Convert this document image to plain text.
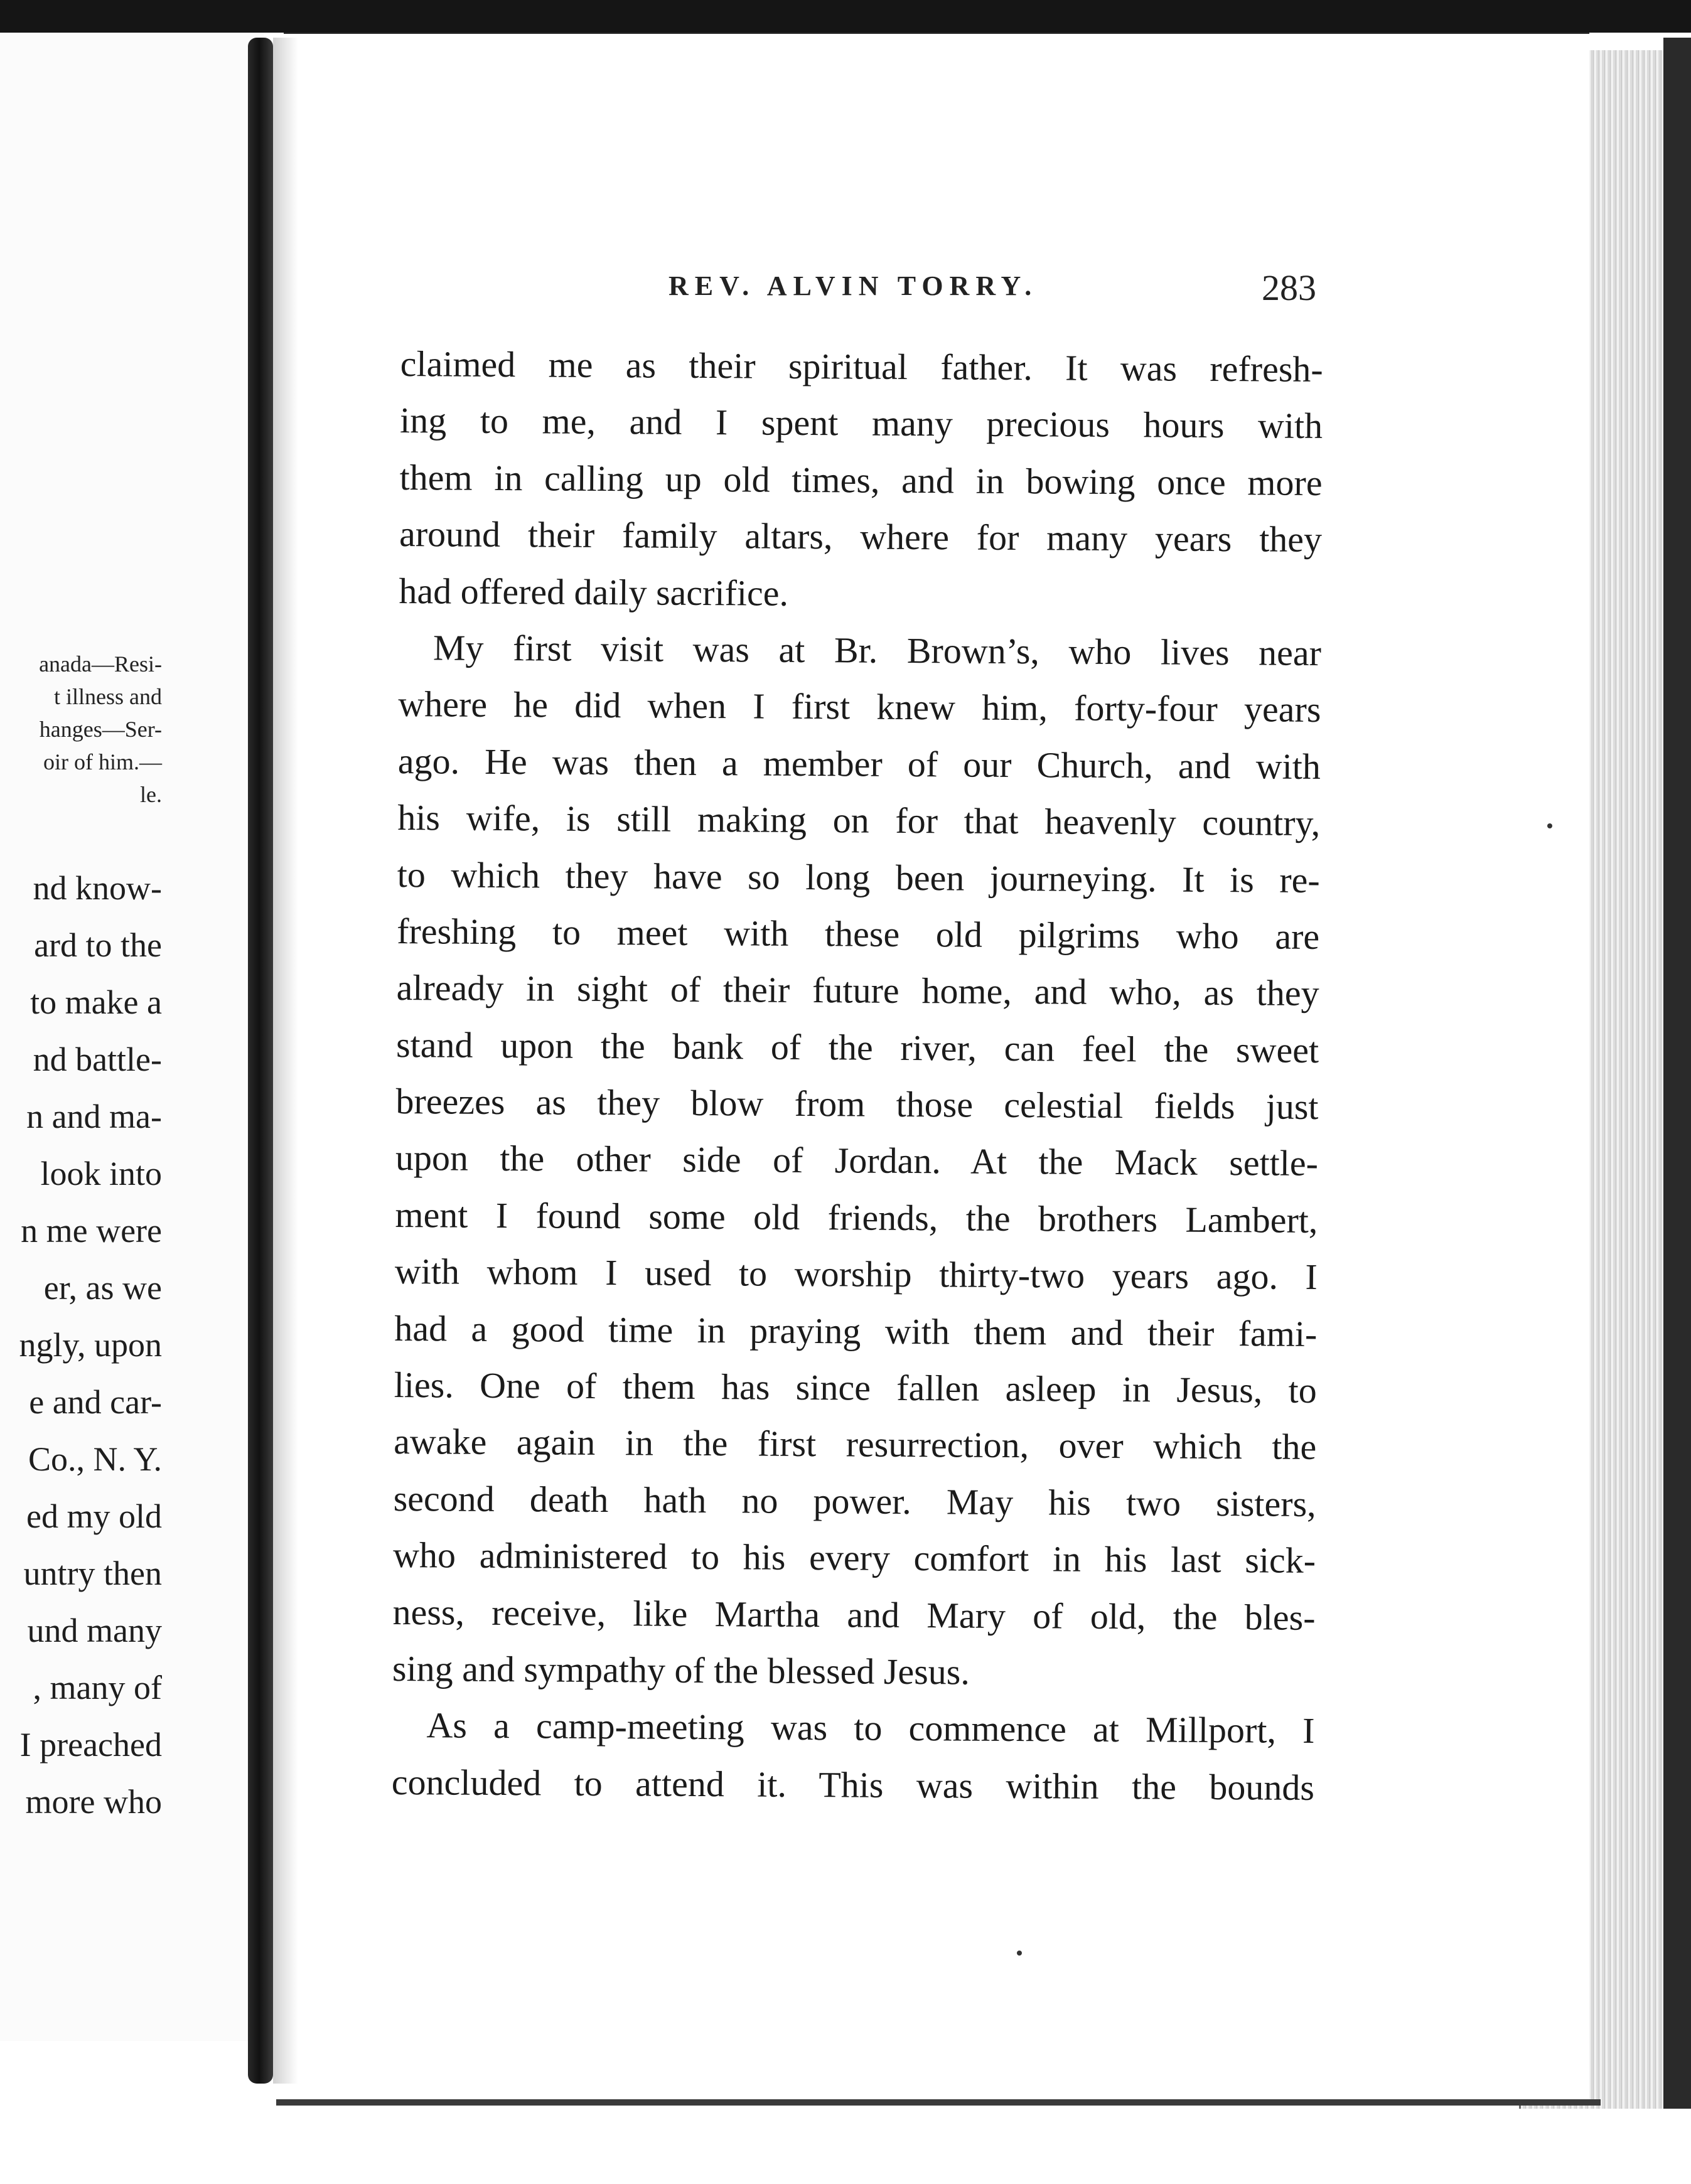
anada—Resi-
t illness and
hanges—Ser-
oir of him.—
le.
nd know-
ard to the
to make a
nd battle-
n and ma-
look into
n me were
er, as we
ngly, upon
e and car-
Co., N. Y.
ed my old
untry then
und many
, many of
I preached
more who
REV. ALVIN TORRY.	283
claimed me as their spiritual father. It was refresh-
ing to me, and I spent many precious hours with
them in calling up old times, and in bowing once more
around their family altars, where for many years they
had offered daily sacrifice.
My first visit was at Br. Brown’s, who lives near
where he did when I first knew him, forty-four years
ago. He was then a member of our Church, and with
his wife, is still making on for that heavenly country,
to which they have so long been journeying. It is re-
freshing to meet with these old pilgrims who are
already in sight of their future home, and who, as they
stand upon the bank of the river, can feel the sweet
breezes as they blow from those celestial fields just
upon the other side of Jordan. At the Mack settle-
ment I found some old friends, the brothers Lambert,
with whom I used to worship thirty-two years ago. I
had a good time in praying with them and their fami-
lies. One of them has since fallen asleep in Jesus, to
awake again in the first resurrection, over which the
second death hath no power. May his two sisters,
who administered to his every comfort in his last sick-
ness, receive, like Martha and Mary of old, the bles-
sing and sympathy of the blessed Jesus.
As a camp-meeting was to commence at Millport, I
concluded to attend it. This was within the bounds
